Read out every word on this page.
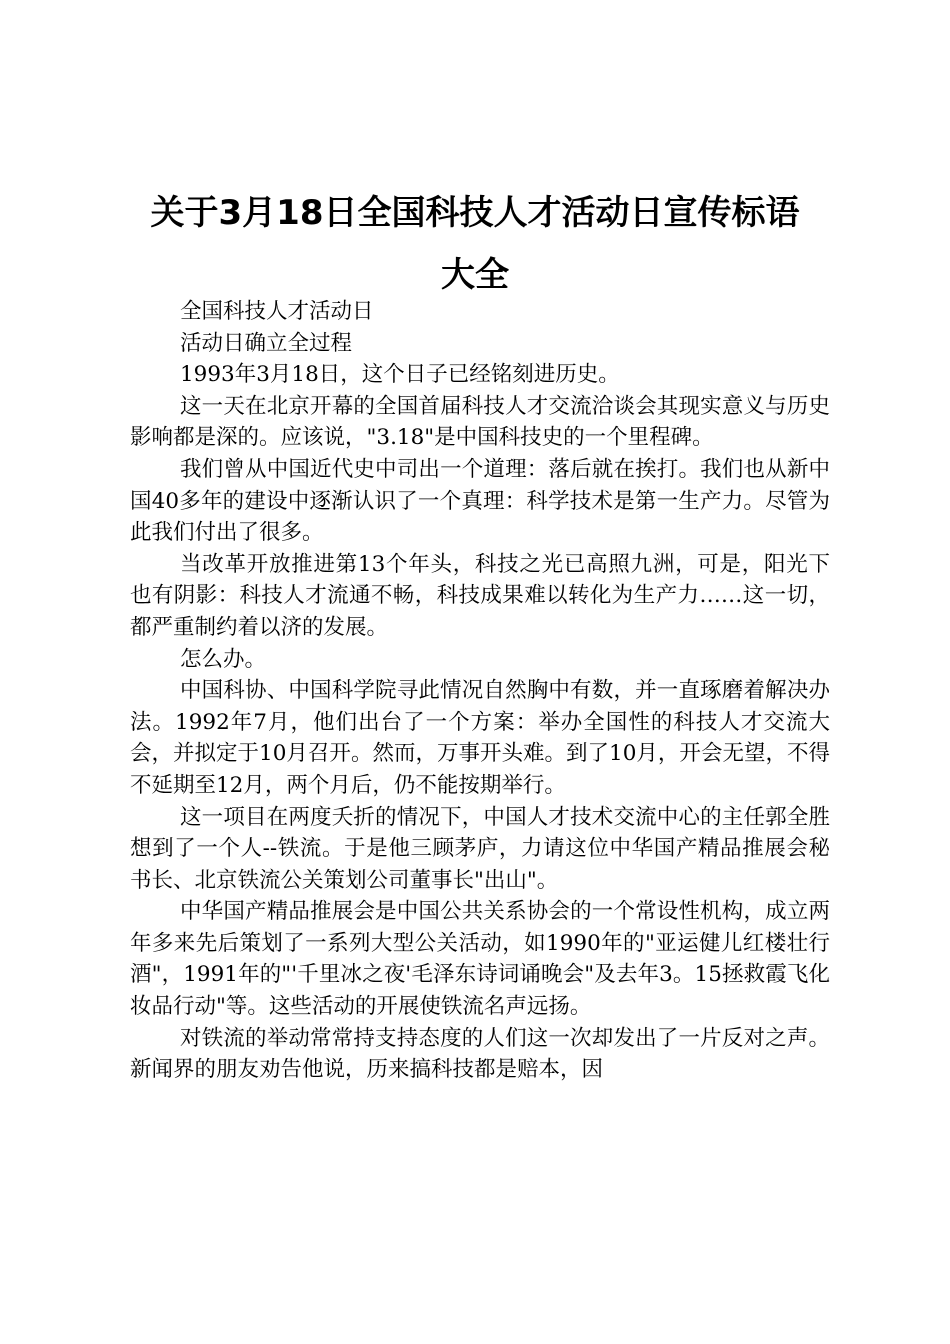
关于3月18日全国科技人才活动日宣传标语
大全

全国科技人才活动日

活动日确立全过程

1993年3月18日，这个日子已经铭刻进历史。

这一天在北京开幕的全国首届科技人才交流洽谈会其现实意义与历史影响都是深的。应该说，"3.18"是中国科技史的一个里程碑。

我们曾从中国近代史中司出一个道理：落后就在挨打。我们也从新中国40多年的建设中逐渐认识了一个真理：科学技术是第一生产力。尽管为此我们付出了很多。

当改革开放推进第13个年头，科技之光已高照九洲，可是，阳光下也有阴影：科技人才流通不畅，科技成果难以转化为生产力……这一切，都严重制约着以济的发展。

怎么办。

中国科协、中国科学院寻此情况自然胸中有数，并一直琢磨着解决办法。1992年7月，他们出台了一个方案：举办全国性的科技人才交流大会，并拟定于10月召开。然而，万事开头难。到了10月，开会无望，不得不延期至12月，两个月后，仍不能按期举行。

这一项目在两度夭折的情况下，中国人才技术交流中心的主任郭全胜想到了一个人--铁流。于是他三顾茅庐，力请这位中华国产精品推展会秘书长、北京铁流公关策划公司董事长"出山"。

中华国产精品推展会是中国公共关系协会的一个常设性机构，成立两年多来先后策划了一系列大型公关活动，如1990年的"亚运健儿红楼壮行酒"，1991年的"'千里冰之夜'毛泽东诗词诵晚会"及去年3。15拯救霞飞化妆品行动"等。这些活动的开展使铁流名声远扬。

对铁流的举动常常持支持态度的人们这一次却发出了一片反对之声。新闻界的朋友劝告他说，历来搞科技都是赔本，因
